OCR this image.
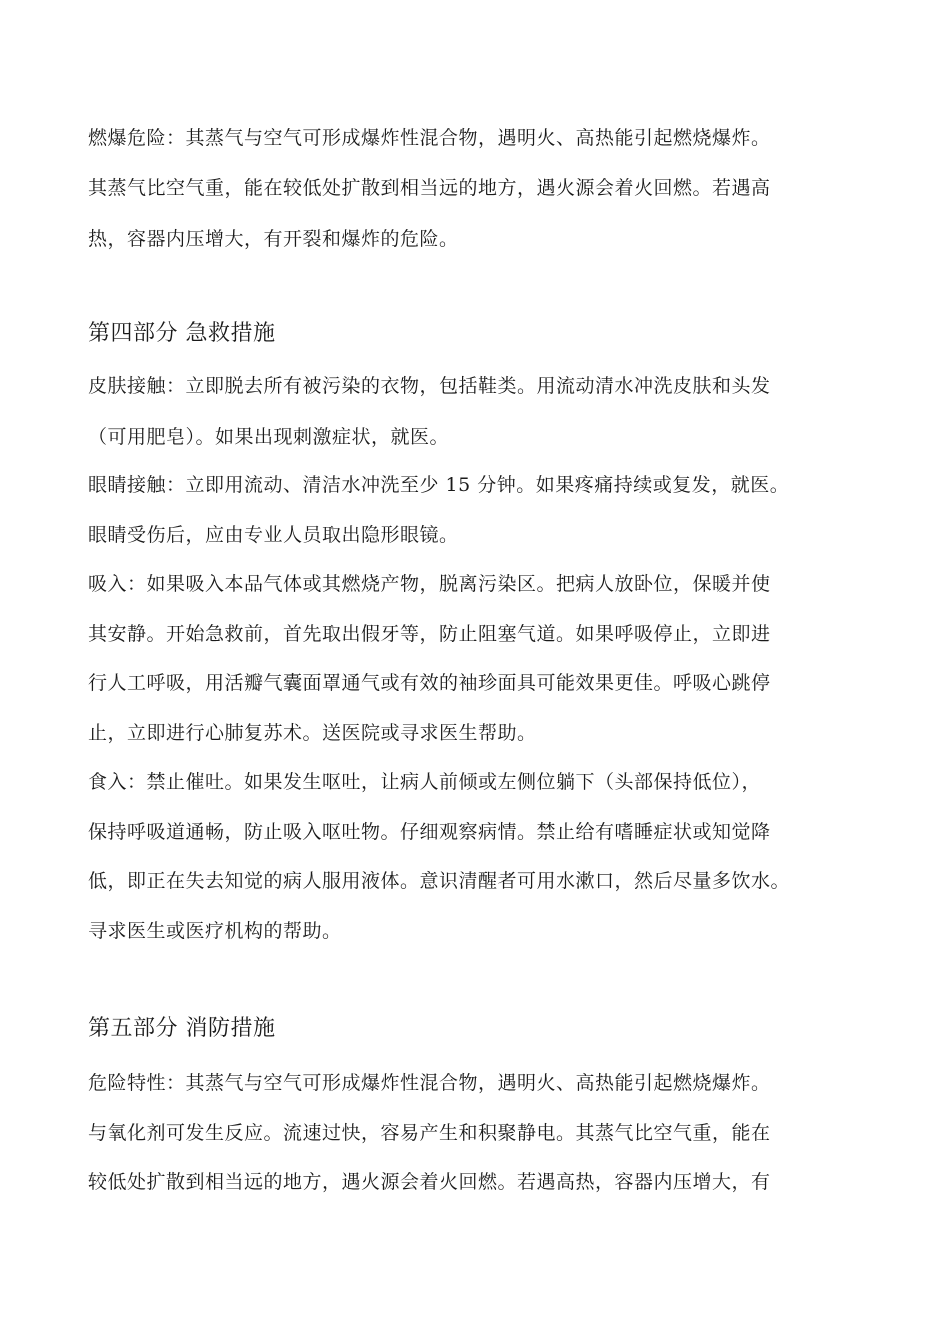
燃爆危险：其蒸气与空气可形成爆炸性混合物，遇明火、高热能引起燃烧爆炸。
其蒸气比空气重，能在较低处扩散到相当远的地方，遇火源会着火回燃。若遇高
热，容器内压增大，有开裂和爆炸的危险。
第四部分 急救措施
皮肤接触：立即脱去所有被污染的衣物，包括鞋类。用流动清水冲洗皮肤和头发
（可用肥皂）。如果出现刺激症状，就医。
眼睛接触：立即用流动、清洁水冲洗至少 15 分钟。如果疼痛持续或复发，就医。
眼睛受伤后，应由专业人员取出隐形眼镜。
吸入：如果吸入本品气体或其燃烧产物，脱离污染区。把病人放卧位，保暖并使
其安静。开始急救前，首先取出假牙等，防止阻塞气道。如果呼吸停止，立即进
行人工呼吸，用活瓣气囊面罩通气或有效的袖珍面具可能效果更佳。呼吸心跳停
止，立即进行心肺复苏术。送医院或寻求医生帮助。
食入：禁止催吐。如果发生呕吐，让病人前倾或左侧位躺下（头部保持低位），
保持呼吸道通畅，防止吸入呕吐物。仔细观察病情。禁止给有嗜睡症状或知觉降
低，即正在失去知觉的病人服用液体。意识清醒者可用水漱口，然后尽量多饮水。
寻求医生或医疗机构的帮助。
第五部分 消防措施
危险特性：其蒸气与空气可形成爆炸性混合物，遇明火、高热能引起燃烧爆炸。
与氧化剂可发生反应。流速过快，容易产生和积聚静电。其蒸气比空气重，能在
较低处扩散到相当远的地方，遇火源会着火回燃。若遇高热，容器内压增大，有
